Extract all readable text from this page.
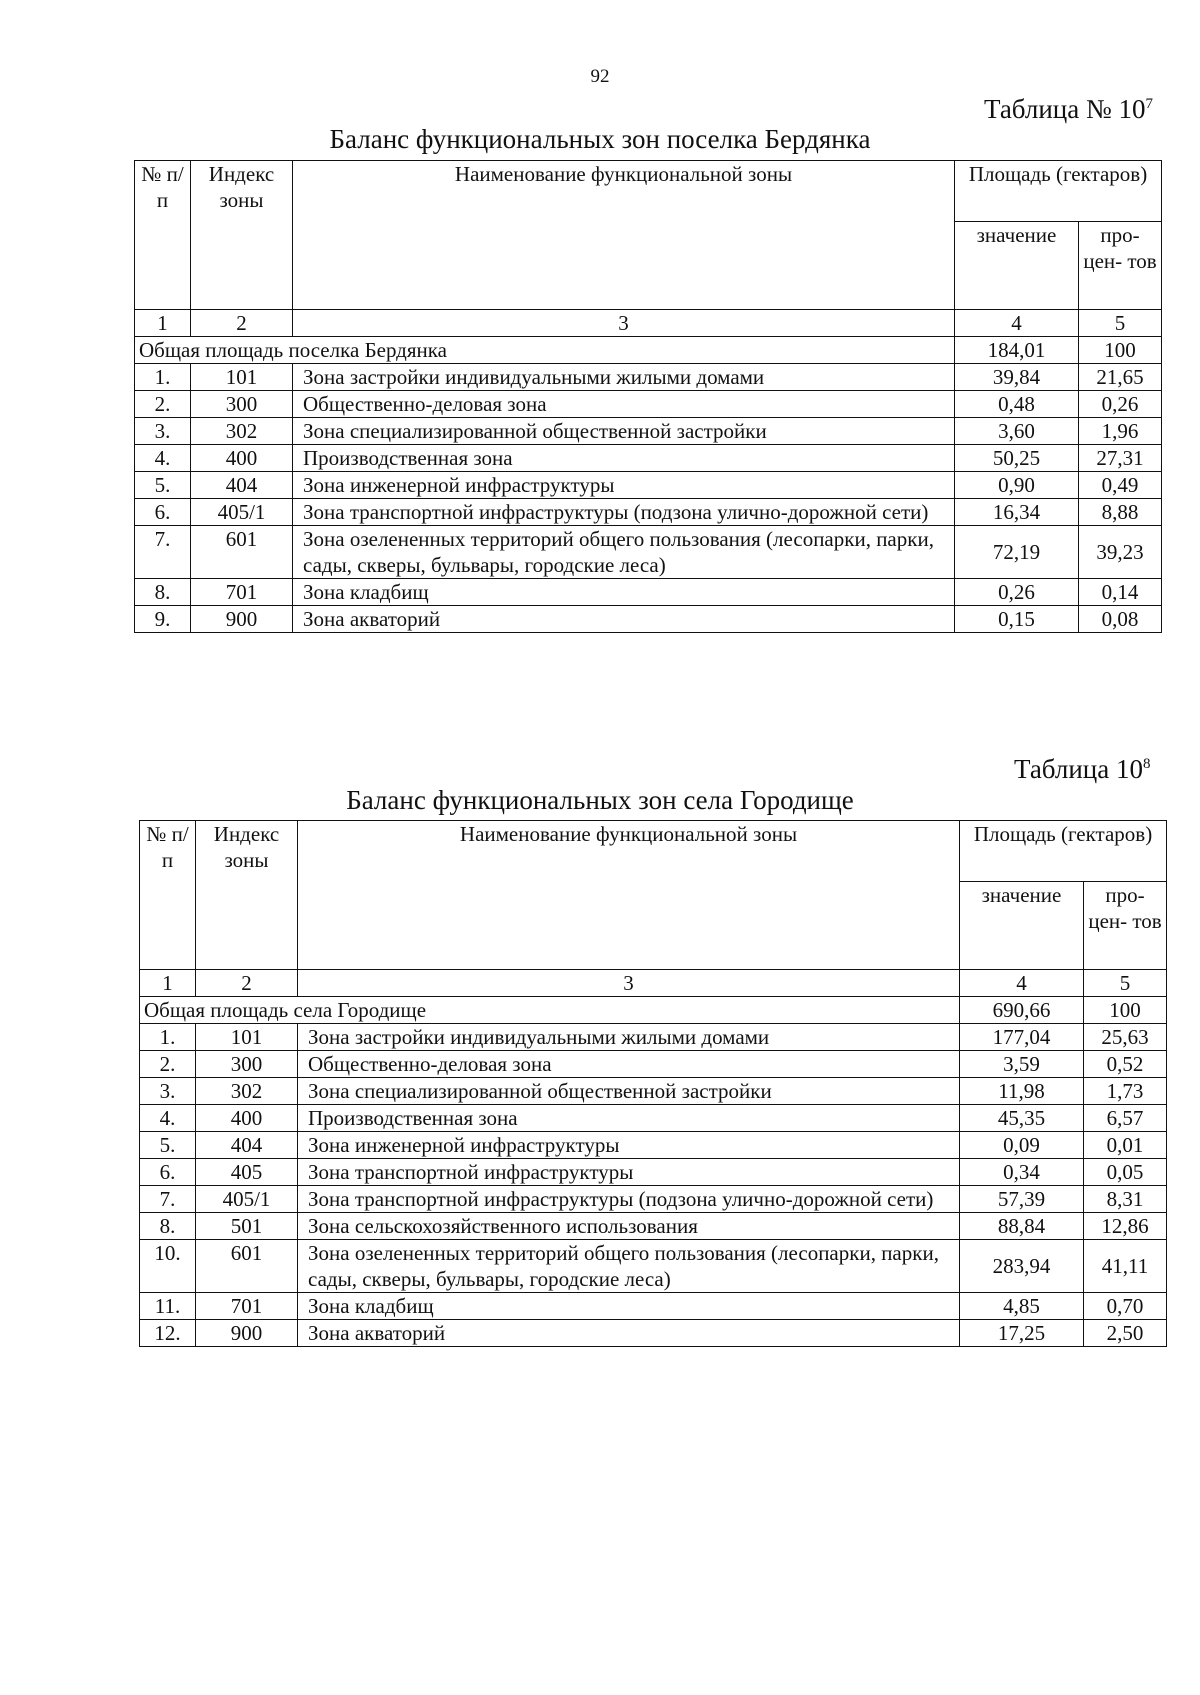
92
Таблица № $10^7$
Баланс функциональных зон поселка Бердянка
№ п/п	Индекс зоны	Наименование функциональной зоны	Площадь (гектаров)	
			значение	про- цен- тов
1	2	3	4	5
Общая площадь поселка Бердянка			184,01	100
1.	101	Зона застройки индивидуальными жилыми домами	39,84	21,65
2.	300	Общественно-деловая зона	0,48	0,26
3.	302	Зона специализированной общественной застройки	3,60	1,96
4.	400	Производственная зона	50,25	27,31
5.	404	Зона инженерной инфраструктуры	0,90	0,49
6.	405/1	Зона транспортной инфраструктуры (подзона улично-дорожной сети)	16,34	8,88
7.	601	Зона озелененных территорий общего пользования (лесопарки, парки, сады, скверы, бульвары, городские леса)	72,19	39,23
8.	701	Зона кладбищ	0,26	0,14
9.	900	Зона акваторий	0,15	0,08
Таблица $10^8$
Баланс функциональных зон села Городище
№ п/п	Индекс зоны	Наименование функциональной зоны	Площадь (гектаров)	
			значение	про- цен- тов
1	2	3	4	5
Общая площадь села Городище			690,66	100
1.	101	Зона застройки индивидуальными жилыми домами	177,04	25,63
2.	300	Общественно-деловая зона	3,59	0,52
3.	302	Зона специализированной общественной застройки	11,98	1,73
4.	400	Производственная зона	45,35	6,57
5.	404	Зона инженерной инфраструктуры	0,09	0,01
6.	405	Зона транспортной инфраструктуры	0,34	0,05
7.	405/1	Зона транспортной инфраструктуры (подзона улично-дорожной сети)	57,39	8,31
8.	501	Зона сельскохозяйственного использования	88,84	12,86
10.	601	Зона озелененных территорий общего пользования (лесопарки, парки, сады, скверы, бульвары, городские леса)	283,94	41,11
11.	701	Зона кладбищ	4,85	0,70
12.	900	Зона акваторий	17,25	2,50
